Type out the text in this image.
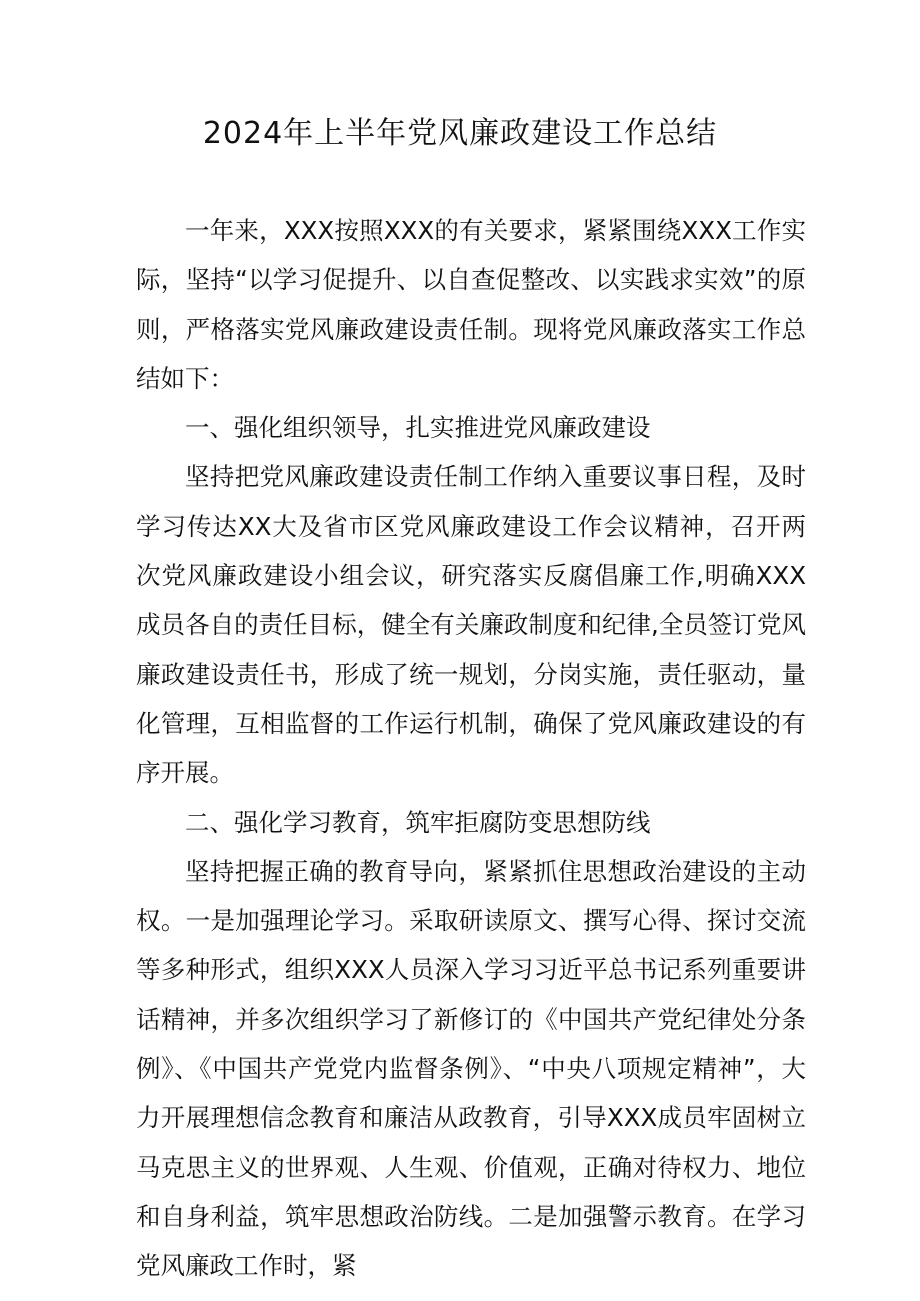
2024年上半年党风廉政建设工作总结

一年来，XXX按照XXX的有关要求，紧紧围绕XXX工作实际，坚持“以学习促提升、以自查促整改、以实践求实效”的原则，严格落实党风廉政建设责任制。现将党风廉政落实工作总结如下：

一、强化组织领导，扎实推进党风廉政建设

坚持把党风廉政建设责任制工作纳入重要议事日程，及时学习传达XX大及省市区党风廉政建设工作会议精神，召开两次党风廉政建设小组会议，研究落实反腐倡廉工作,明确XXX成员各自的责任目标，健全有关廉政制度和纪律,全员签订党风廉政建设责任书，形成了统一规划，分岗实施，责任驱动，量化管理，互相监督的工作运行机制，确保了党风廉政建设的有序开展。

二、强化学习教育，筑牢拒腐防变思想防线

坚持把握正确的教育导向，紧紧抓住思想政治建设的主动权。一是加强理论学习。采取研读原文、撰写心得、探讨交流等多种形式，组织XXX人员深入学习习近平总书记系列重要讲话精神，并多次组织学习了新修订的《中国共产党纪律处分条例》、《中国共产党党内监督条例》、“中央八项规定精神”，大力开展理想信念教育和廉洁从政教育，引导XXX成员牢固树立马克思主义的世界观、人生观、价值观，正确对待权力、地位和自身利益，筑牢思想政治防线。二是加强警示教育。在学习党风廉政工作时，紧
